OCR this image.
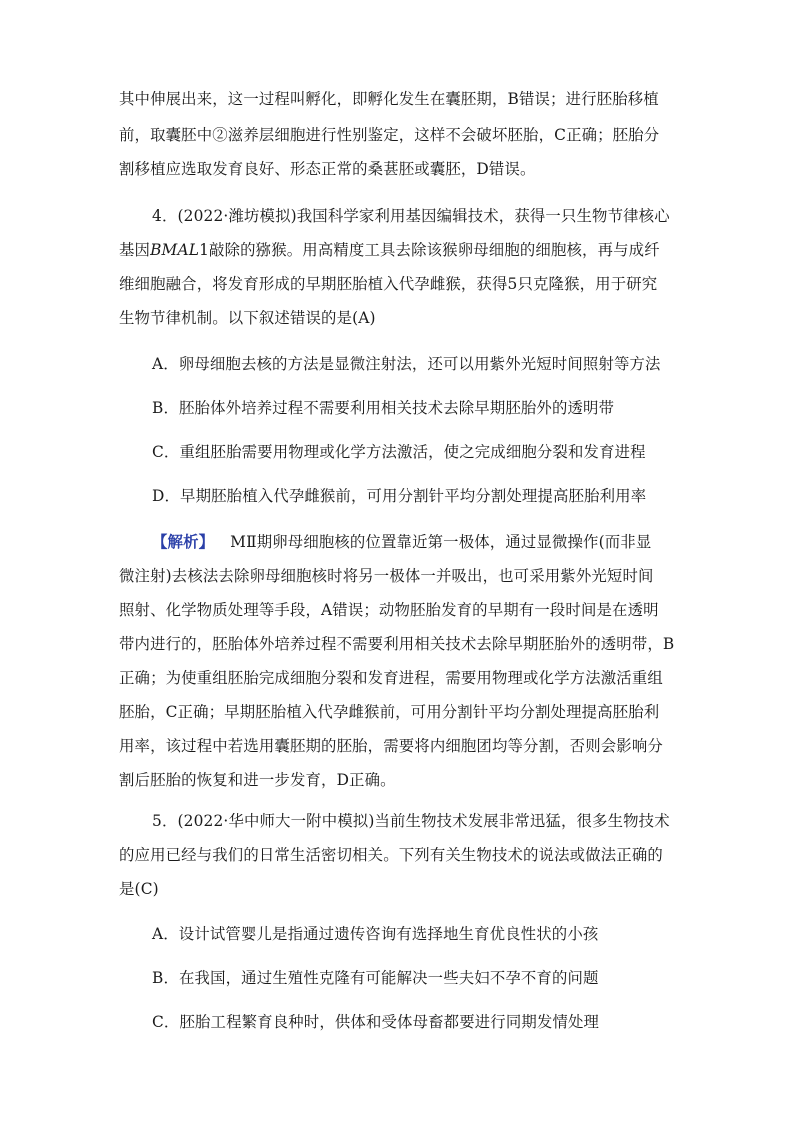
其中伸展出来，这一过程叫孵化，即孵化发生在囊胚期，B错误；进行胚胎移植
前，取囊胚中②滋养层细胞进行性别鉴定，这样不会破坏胚胎，C正确；胚胎分
割移植应选取发育良好、形态正常的桑葚胚或囊胚，D错误。
4．(2022·潍坊模拟)我国科学家利用基因编辑技术，获得一只生物节律核心
基因BMAL1敲除的猕猴。用高精度工具去除该猴卵母细胞的细胞核，再与成纤
维细胞融合，将发育形成的早期胚胎植入代孕雌猴，获得5只克隆猴，用于研究
生物节律机制。以下叙述错误的是(A)
A．卵母细胞去核的方法是显微注射法，还可以用紫外光短时间照射等方法
B．胚胎体外培养过程不需要利用相关技术去除早期胚胎外的透明带
C．重组胚胎需要用物理或化学方法激活，使之完成细胞分裂和发育进程
D．早期胚胎植入代孕雌猴前，可用分割针平均分割处理提高胚胎利用率
【解析】 MⅡ期卵母细胞核的位置靠近第一极体，通过显微操作(而非显
微注射)去核法去除卵母细胞核时将另一极体一并吸出，也可采用紫外光短时间
照射、化学物质处理等手段，A错误；动物胚胎发育的早期有一段时间是在透明
带内进行的，胚胎体外培养过程不需要利用相关技术去除早期胚胎外的透明带，B
正确；为使重组胚胎完成细胞分裂和发育进程，需要用物理或化学方法激活重组
胚胎，C正确；早期胚胎植入代孕雌猴前，可用分割针平均分割处理提高胚胎利
用率，该过程中若选用囊胚期的胚胎，需要将内细胞团均等分割，否则会影响分
割后胚胎的恢复和进一步发育，D正确。
5．(2022·华中师大一附中模拟)当前生物技术发展非常迅猛，很多生物技术
的应用已经与我们的日常生活密切相关。下列有关生物技术的说法或做法正确的
是(C)
A．设计试管婴儿是指通过遗传咨询有选择地生育优良性状的小孩
B．在我国，通过生殖性克隆有可能解决一些夫妇不孕不育的问题
C．胚胎工程繁育良种时，供体和受体母畜都要进行同期发情处理
